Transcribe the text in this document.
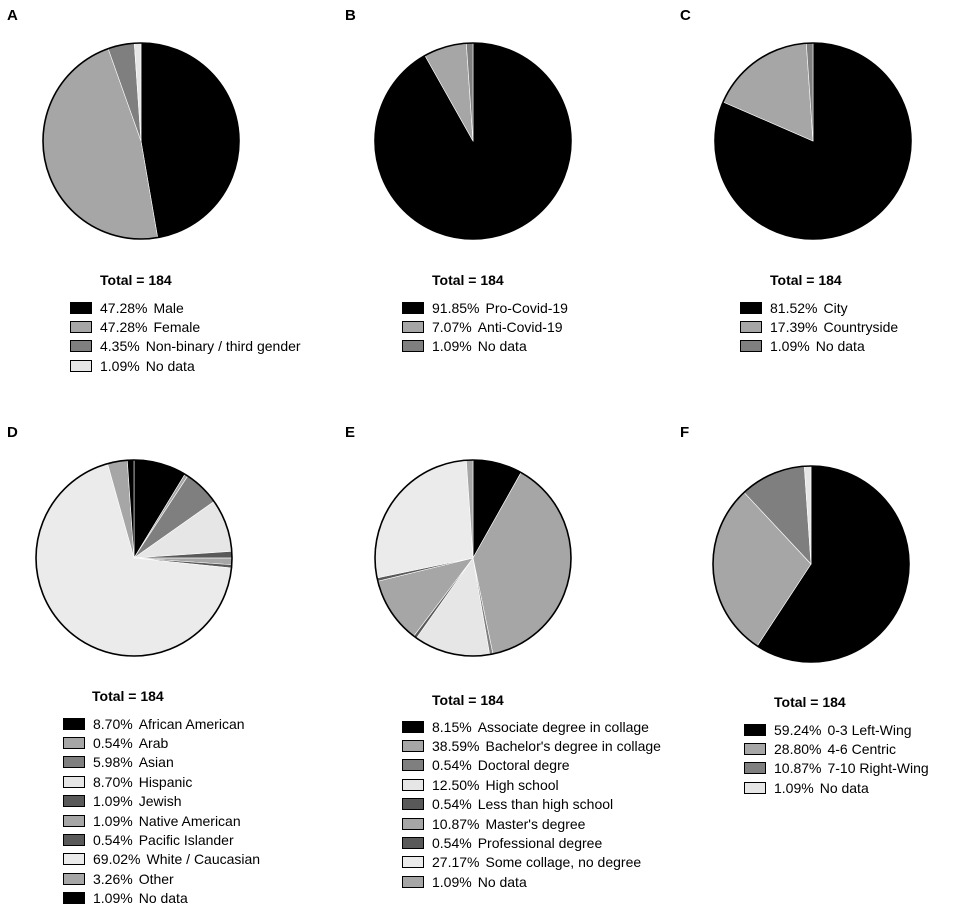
A
Total = 184
47.28% Male
47.28% Female
4.35% Non-binary / third gender
1.09% No data
B
Total = 184
91.85% Pro-Covid-19
7.07% Anti-Covid-19
1.09% No data
C
Total = 184
81.52% City
17.39% Countryside
1.09% No data
D
Total = 184
8.70% African American
0.54% Arab
5.98% Asian
8.70% Hispanic
1.09% Jewish
1.09% Native American
0.54% Pacific Islander
69.02% White / Caucasian
3.26% Other
1.09% No data
E
Total = 184
8.15% Associate degree in collage
38.59% Bachelor's degree in collage
0.54% Doctoral degre
12.50% High school
0.54% Less than high school
10.87% Master's degree
0.54% Professional degree
27.17% Some collage, no degree
1.09% No data
F
Total = 184
59.24% 0-3 Left-Wing
28.80% 4-6 Centric
10.87% 7-10 Right-Wing
1.09% No data
